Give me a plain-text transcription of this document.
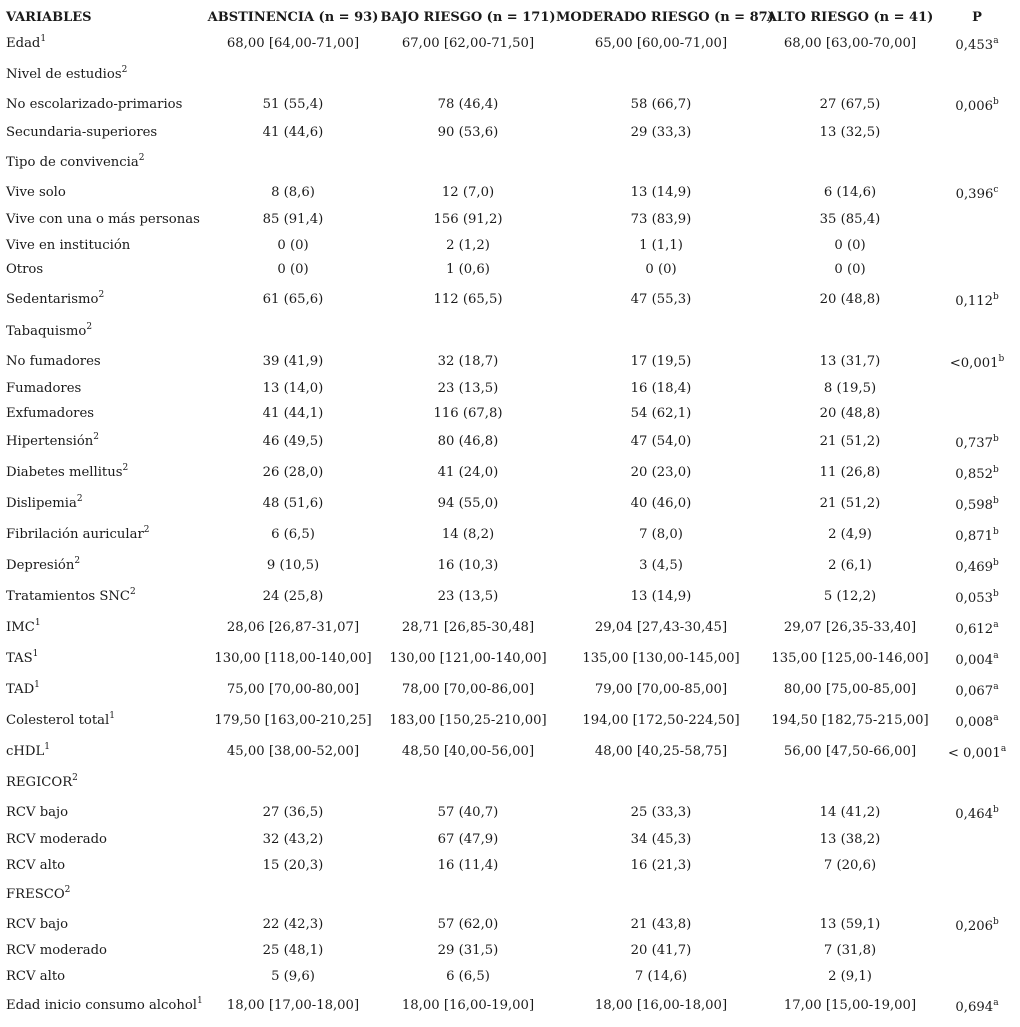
VARIABLES	ABSTINENCIA (n = 93)	BAJO RIESGO (n = 171)	MODERADO RIESGO (n = 87)	ALTO RIESGO (n = 41)	P
Edad$^1$	68,00 [64,00-71,00]	67,00 [62,00-71,50]	65,00 [60,00-71,00]	68,00 [63,00-70,00]	0,453$^a$
Nivel de estudios$^2$					
No escolarizado-primarios	51 (55,4)	78 (46,4)	58 (66,7)	27 (67,5)	0,006$^b$
Secundaria-superiores	41 (44,6)	90 (53,6)	29 (33,3)	13 (32,5)	
Tipo de convivencia$^2$					
Vive solo	8 (8,6)	12 (7,0)	13 (14,9)	6 (14,6)	0,396$^c$
Vive con una o más personas	85 (91,4)	156 (91,2)	73 (83,9)	35 (85,4)	
Vive en institución	0 (0)	2 (1,2)	1 (1,1)	0 (0)	
Otros	0 (0)	1 (0,6)	0 (0)	0 (0)	
Sedentarismo$^2$	61 (65,6)	112 (65,5)	47 (55,3)	20 (48,8)	0,112$^b$
Tabaquismo$^2$					
No fumadores	39 (41,9)	32 (18,7)	17 (19,5)	13 (31,7)	<0,001$^b$
Fumadores	13 (14,0)	23 (13,5)	16 (18,4)	8 (19,5)	
Exfumadores	41 (44,1)	116 (67,8)	54 (62,1)	20 (48,8)	
Hipertensión$^2$	46 (49,5)	80 (46,8)	47 (54,0)	21 (51,2)	0,737$^b$
Diabetes mellitus$^2$	26 (28,0)	41 (24,0)	20 (23,0)	11 (26,8)	0,852$^b$
Dislipemia$^2$	48 (51,6)	94 (55,0)	40 (46,0)	21 (51,2)	0,598$^b$
Fibrilación auricular$^2$	6 (6,5)	14 (8,2)	7 (8,0)	2 (4,9)	0,871$^b$
Depresión$^2$	9 (10,5)	16 (10,3)	3 (4,5)	2 (6,1)	0,469$^b$
Tratamientos SNC$^2$	24 (25,8)	23 (13,5)	13 (14,9)	5 (12,2)	0,053$^b$
IMC$^1$	28,06 [26,87-31,07]	28,71 [26,85-30,48]	29,04 [27,43-30,45]	29,07 [26,35-33,40]	0,612$^a$
TAS$^1$	130,00 [118,00-140,00]	130,00 [121,00-140,00]	135,00 [130,00-145,00]	135,00 [125,00-146,00]	0,004$^a$
TAD$^1$	75,00 [70,00-80,00]	78,00 [70,00-86,00]	79,00 [70,00-85,00]	80,00 [75,00-85,00]	0,067$^a$
Colesterol total$^1$	179,50 [163,00-210,25]	183,00 [150,25-210,00]	194,00 [172,50-224,50]	194,50 [182,75-215,00]	0,008$^a$
cHDL$^1$	45,00 [38,00-52,00]	48,50 [40,00-56,00]	48,00 [40,25-58,75]	56,00 [47,50-66,00]	< 0,001$^a$
REGICOR$^2$					
RCV bajo	27 (36,5)	57 (40,7)	25 (33,3)	14 (41,2)	0,464$^b$
RCV moderado	32 (43,2)	67 (47,9)	34 (45,3)	13 (38,2)	
RCV alto	15 (20,3)	16 (11,4)	16 (21,3)	7 (20,6)	
FRESCO$^2$					
RCV bajo	22 (42,3)	57 (62,0)	21 (43,8)	13 (59,1)	0,206$^b$
RCV moderado	25 (48,1)	29 (31,5)	20 (41,7)	7 (31,8)	
RCV alto	5 (9,6)	6 (6,5)	7 (14,6)	2 (9,1)	
Edad inicio consumo alcohol$^1$	18,00 [17,00-18,00]	18,00 [16,00-19,00]	18,00 [16,00-18,00]	17,00 [15,00-19,00]	0,694$^a$
